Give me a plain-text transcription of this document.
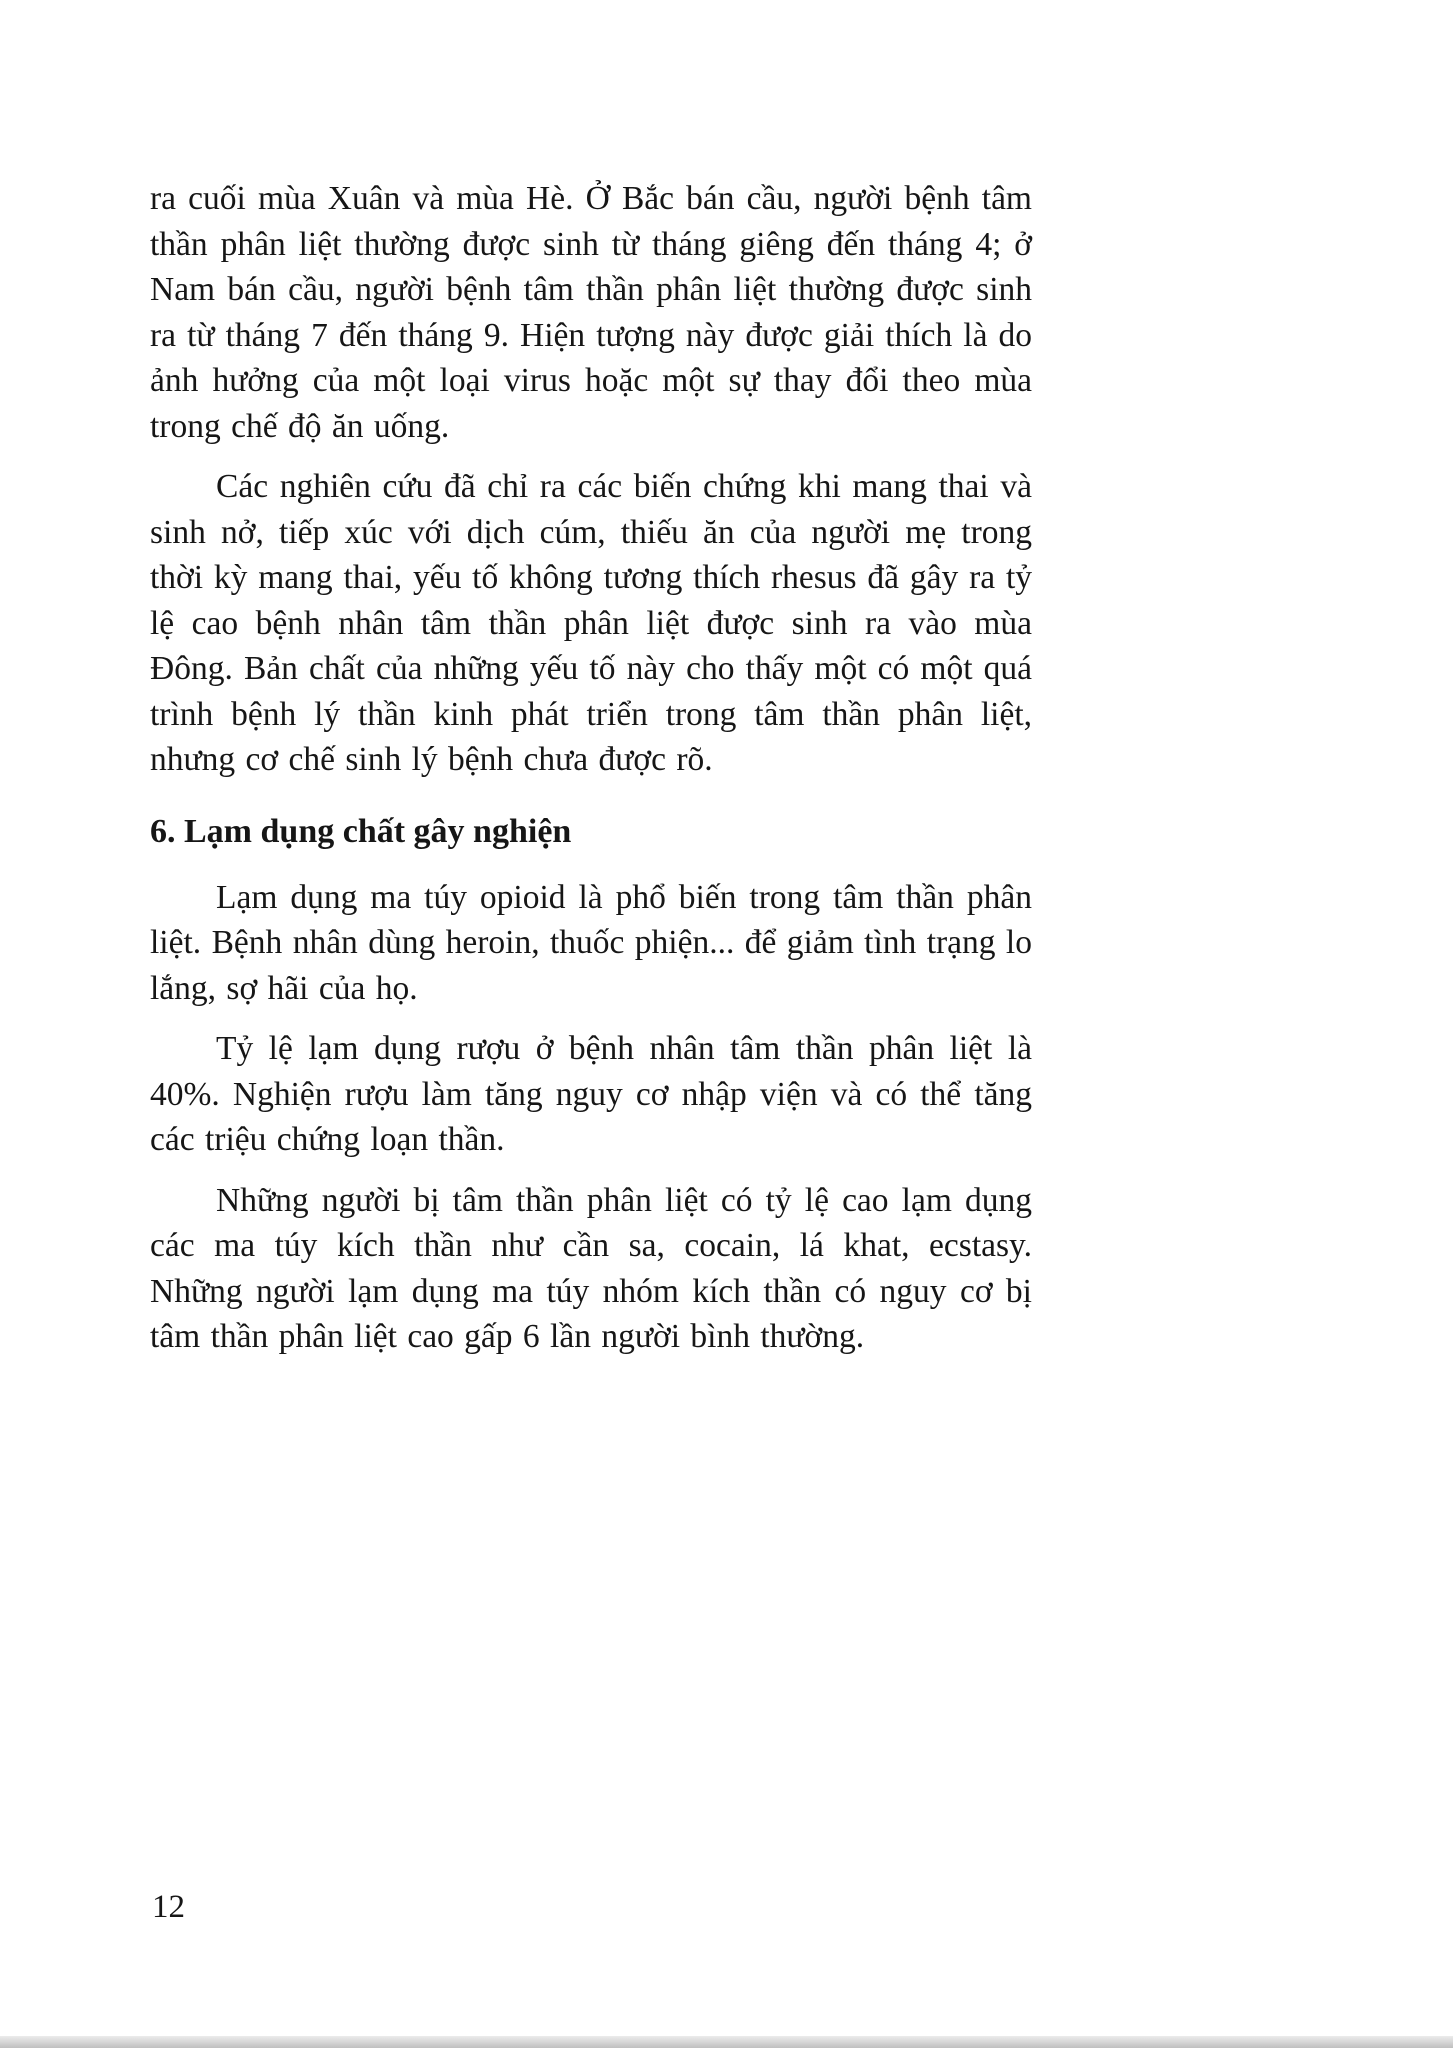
ra cuối mùa Xuân và mùa Hè. Ở Bắc bán cầu, người bệnh tâm thần phân liệt thường được sinh từ tháng giêng đến tháng 4; ở Nam bán cầu, người bệnh tâm thần phân liệt thường được sinh ra từ tháng 7 đến tháng 9. Hiện tượng này được giải thích là do ảnh hưởng của một loại virus hoặc một sự thay đổi theo mùa trong chế độ ăn uống.

Các nghiên cứu đã chỉ ra các biến chứng khi mang thai và sinh nở, tiếp xúc với dịch cúm, thiếu ăn của người mẹ trong thời kỳ mang thai, yếu tố không tương thích rhesus đã gây ra tỷ lệ cao bệnh nhân tâm thần phân liệt được sinh ra vào mùa Đông. Bản chất của những yếu tố này cho thấy một có một quá trình bệnh lý thần kinh phát triển trong tâm thần phân liệt, nhưng cơ chế sinh lý bệnh chưa được rõ.

6. Lạm dụng chất gây nghiện

Lạm dụng ma túy opioid là phổ biến trong tâm thần phân liệt. Bệnh nhân dùng heroin, thuốc phiện... để giảm tình trạng lo lắng, sợ hãi của họ.

Tỷ lệ lạm dụng rượu ở bệnh nhân tâm thần phân liệt là 40%. Nghiện rượu làm tăng nguy cơ nhập viện và có thể tăng các triệu chứng loạn thần.

Những người bị tâm thần phân liệt có tỷ lệ cao lạm dụng các ma túy kích thần như cần sa, cocain, lá khat, ecstasy. Những người lạm dụng ma túy nhóm kích thần có nguy cơ bị tâm thần phân liệt cao gấp 6 lần người bình thường.

12
